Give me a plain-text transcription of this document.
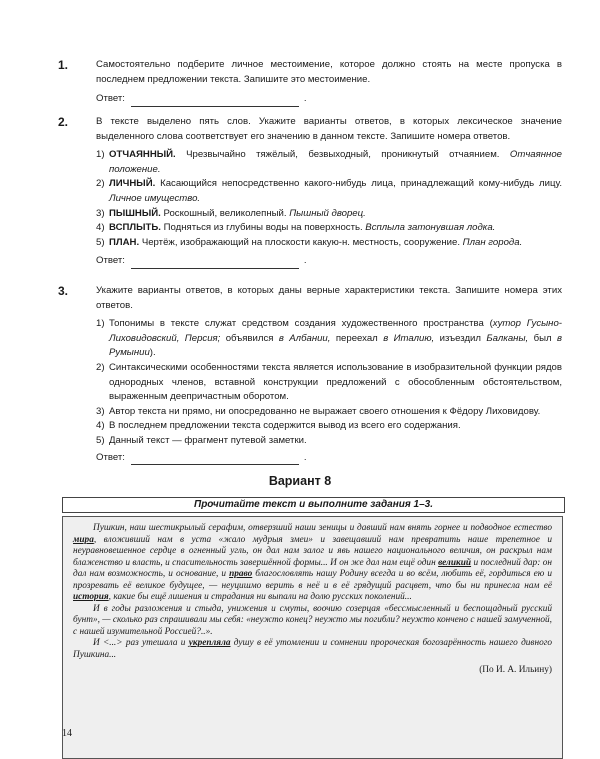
1.	Самостоятельно подберите личное местоимение, которое должно стоять на месте пропуска в последнем предложении текста. Запишите это местоимение.

Ответ:	.
2.	В тексте выделено пять слов. Укажите варианты ответов, в которых лексическое значение выделенного слова соответствует его значению в данном тексте. Запишите номера ответов.

1) ОТЧАЯННЫЙ. Чрезвычайно тяжёлый, безвыходный, проникнутый отчаянием. Отчаянное положение.
2) ЛИЧНЫЙ. Касающийся непосредственно какого-нибудь лица, принадлежащий кому-нибудь лицу. Личное имущество.
3) ПЫШНЫЙ. Роскошный, великолепный. Пышный дворец.
4) ВСПЛЫТЬ. Подняться из глубины воды на поверхность. Всплыла затонувшая лодка.
5) ПЛАН. Чертёж, изображающий на плоскости какую-н. местность, сооружение. План города.
Ответ:	.
3.	Укажите варианты ответов, в которых даны верные характеристики текста. Запишите номера этих ответов.

1) Топонимы в тексте служат средством создания художественного пространства (хутор Гусыно-Лиховидовский, Персия; объявился в Албании, переехал в Италию, изъездил Балканы, был в Румынии).
2) Синтаксическими особенностями текста является использование в изобразительной функции рядов однородных членов, вставной конструкции предложений с обособленным обстоятельством, выраженным деепричастным оборотом.
3) Автор текста ни прямо, ни опосредованно не выражает своего отношения к Фёдору Лиховидову.
4) В последнем предложении текста содержится вывод из всего его содержания.
5) Данный текст — фрагмент путевой заметки.
Ответ:	.
Вариант 8
Прочитайте текст и выполните задания 1–3.

Пушкин, наш шестикрылый серафим, отверзший наши зеницы и давший нам внять горнее и подводное естество мира, вложивший нам в уста «жало мудрыя змеи» и завещавший нам превратить наше трепетное и неуравновешенное сердце в огненный угль, он дал нам залог и явь нашего национального величия, он раскрыл нам блаженство и власть, и спасительность завершённой формы... И он же дал нам ещё один великий и последний дар: он дал нам возможность, и основание, и право благословлять нашу Родину всегда и во всём, любить её, гордиться ею и прозревать её великое будущее, — неуцишмо верить в неё и в её грядущий расцвет, что бы ни принесла нам её история, какие бы ещё лишения и страдания ни выпали на долю русских поколений...

И в годы разложения и стыда, унижения и смуты, воочию созерцая «бессмысленный и беспощадный русский бунт», — сколько раз спрашивали мы себя: «неужто конец? неужто мы погибли? неужто кончено с нашей замученной, с нашей изумительной Россией?..».

И <...> раз утешала и укрепляла душу в её утомлении и сомнении пророческая богозарённость нашего дивного Пушкина...

(По И. А. Ильину)
14
